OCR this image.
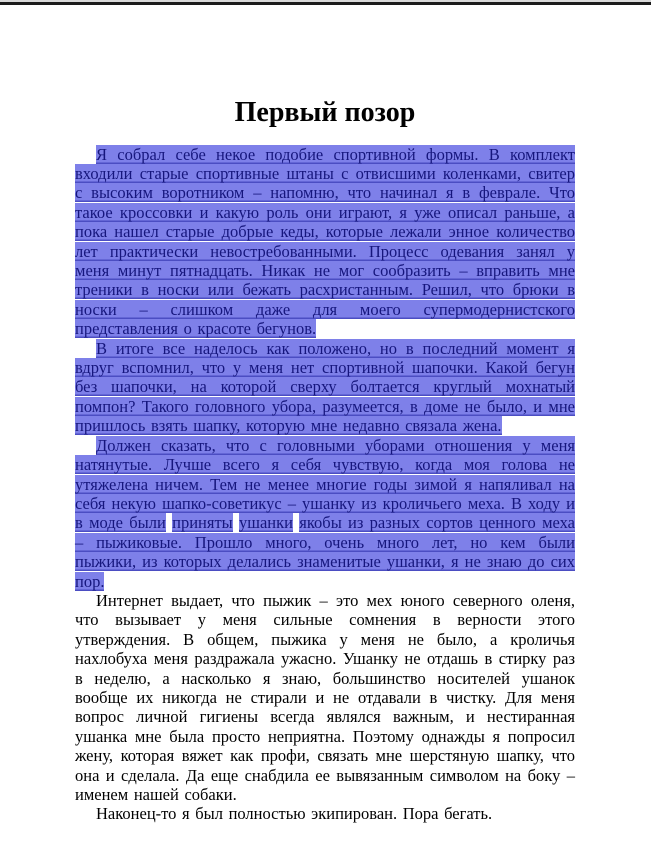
Первый позор

Я собрал себе некое подобие спортивной формы. В комплект входили старые спортивные штаны с отвисшими коленками, свитер с высоким воротником – напомню, что начинал я в феврале. Что такое кроссовки и какую роль они играют, я уже описал раньше, а пока нашел старые добрые кеды, которые лежали энное количество лет практически невостребованными. Процесс одевания занял у меня минут пятнадцать. Никак не мог сообразить – вправить мне треники в носки или бежать расхристанным. Решил, что брюки в носки – слишком даже для моего супермодернистского представления о красоте бегунов.

В итоге все наделось как положено, но в последний момент я вдруг вспомнил, что у меня нет спортивной шапочки. Какой бегун без шапочки, на которой сверху болтается круглый мохнатый помпон? Такого головного убора, разумеется, в доме не было, и мне пришлось взять шапку, которую мне недавно связала жена.

Должен сказать, что с головными уборами отношения у меня натянутые. Лучше всего я себя чувствую, когда моя голова не утяжелена ничем. Тем не менее многие годы зимой я напяливал на себя некую шапко-советикус – ушанку из кроличьего меха. В ходу и в моде были приняты ушанки якобы из разных сортов ценного меха – пыжиковые. Прошло много, очень много лет, но кем были пыжики, из которых делались знаменитые ушанки, я не знаю до сих пор.

Интернет выдает, что пыжик – это мех юного северного оленя, что вызывает у меня сильные сомнения в верности этого утверждения. В общем, пыжика у меня не было, а кроличья нахлобуха меня раздражала ужасно. Ушанку не отдашь в стирку раз в неделю, а насколько я знаю, большинство носителей ушанок вообще их никогда не стирали и не отдавали в чистку. Для меня вопрос личной гигиены всегда являлся важным, и нестиранная ушанка мне была просто неприятна. Поэтому однажды я попросил жену, которая вяжет как профи, связать мне шерстяную шапку, что она и сделала. Да еще снабдила ее вывязанным символом на боку – именем нашей собаки.

Наконец-то я был полностью экипирован. Пора бегать.
